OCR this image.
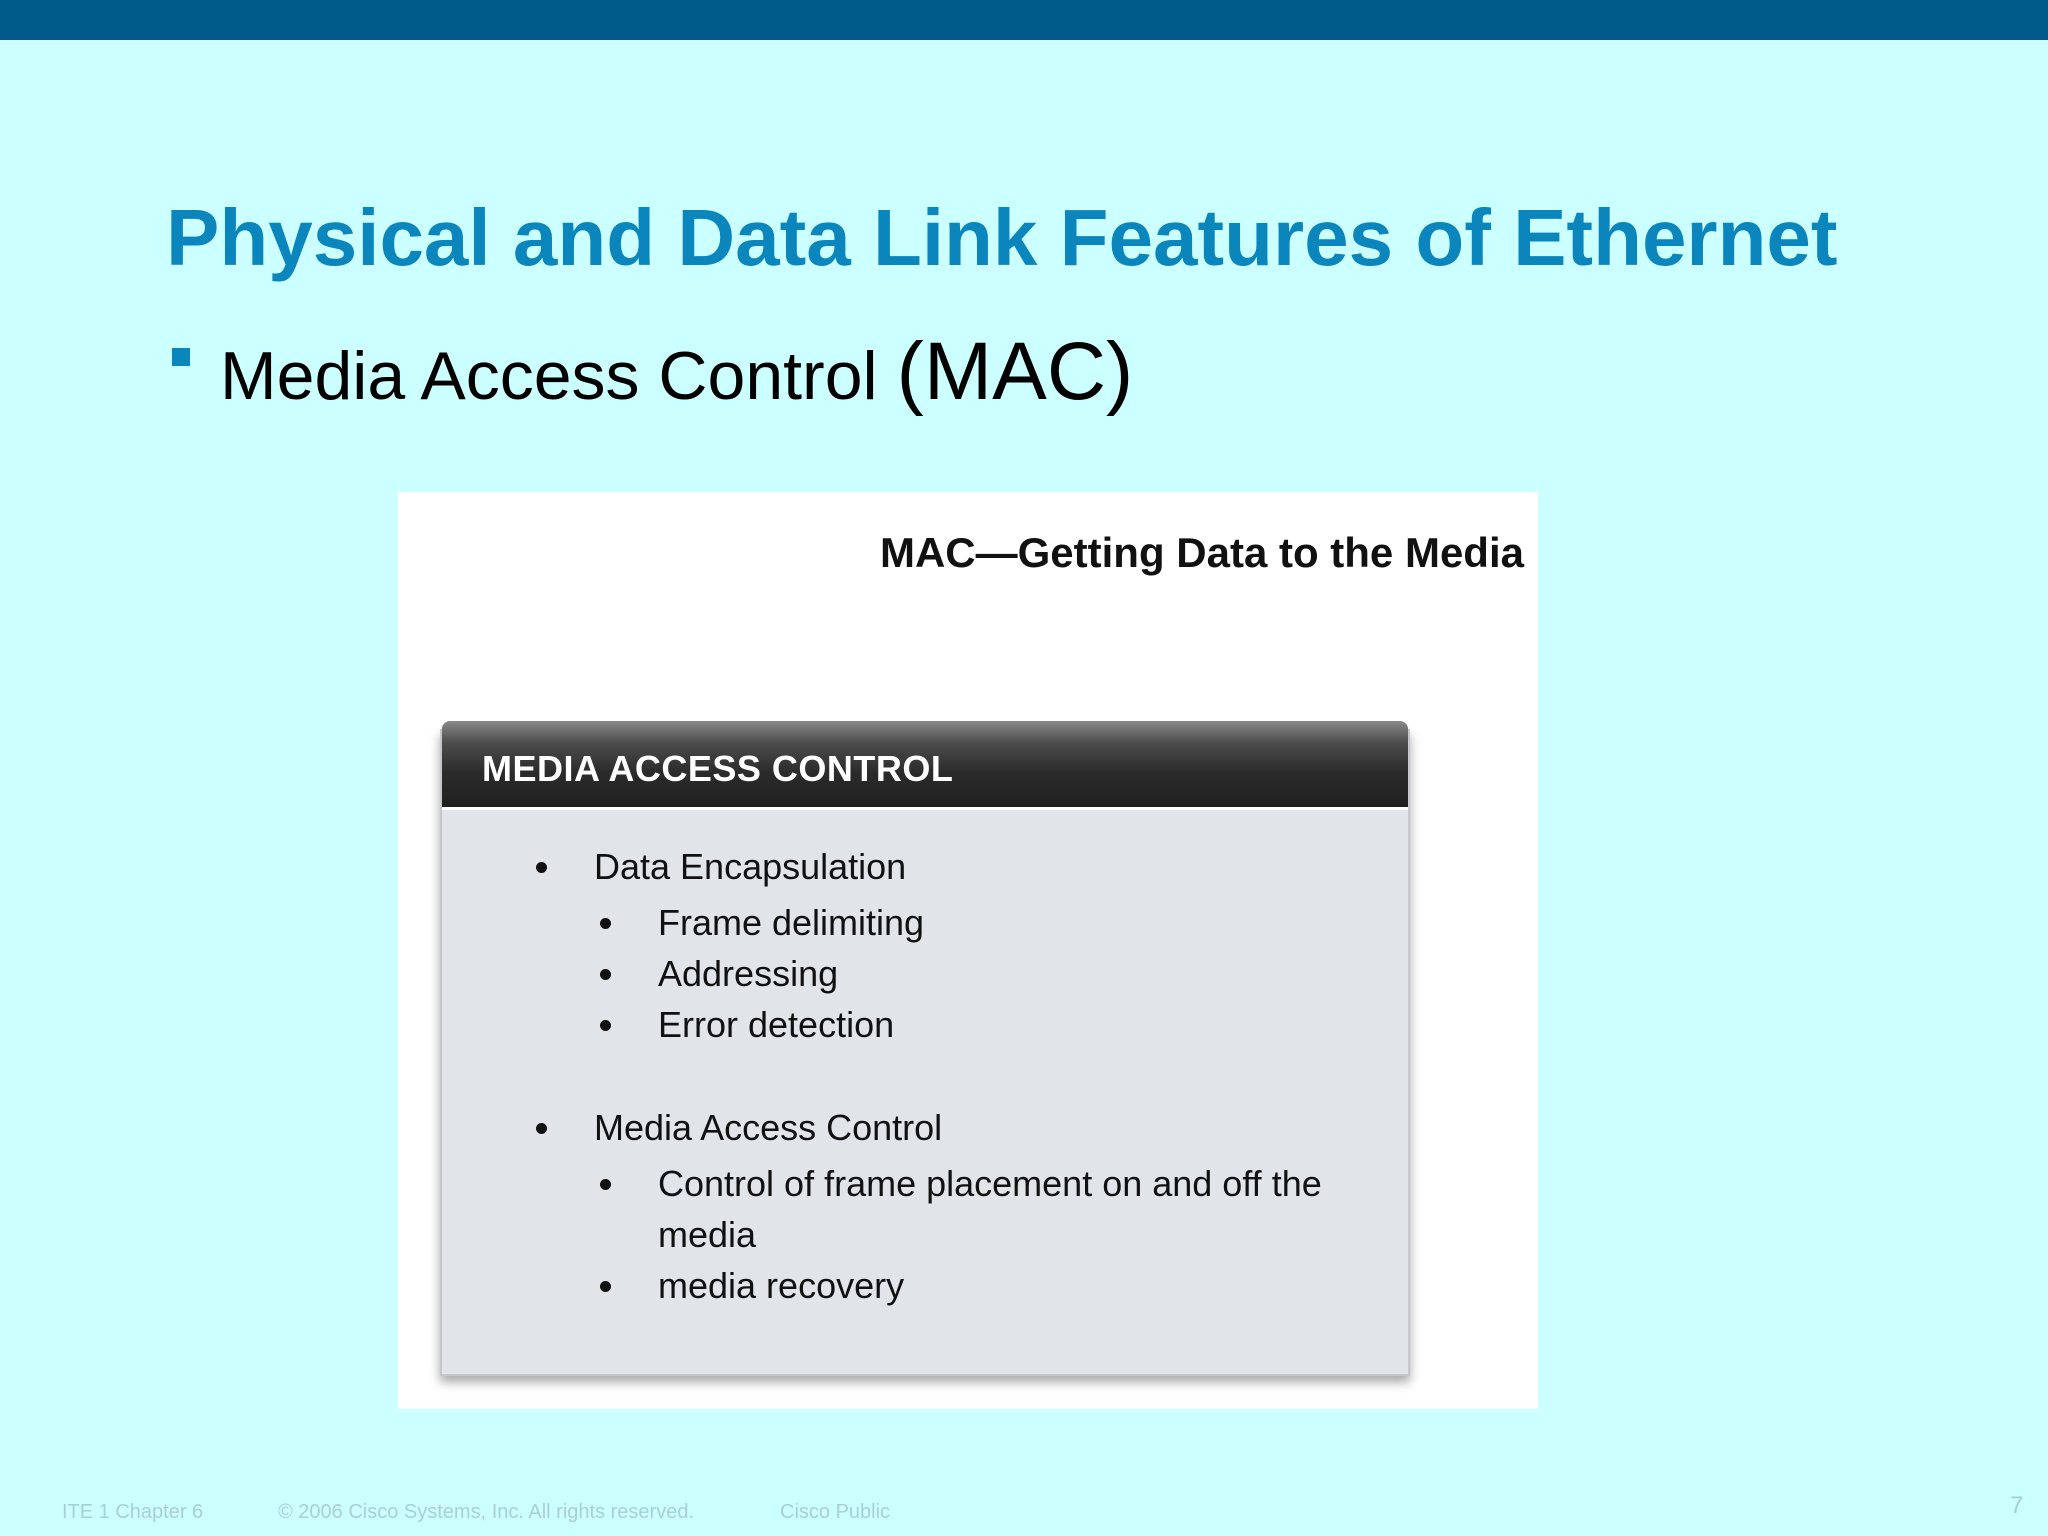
Physical and Data Link Features of Ethernet
Media Access Control (MAC)
MAC—Getting Data to the Media
MEDIA ACCESS CONTROL
Data Encapsulation
Frame delimiting
Addressing
Error detection
Media Access Control
Control of frame placement on and off the
media
media recovery
ITE 1 Chapter 6	© 2006 Cisco Systems, Inc. All rights reserved.	Cisco Public	7
